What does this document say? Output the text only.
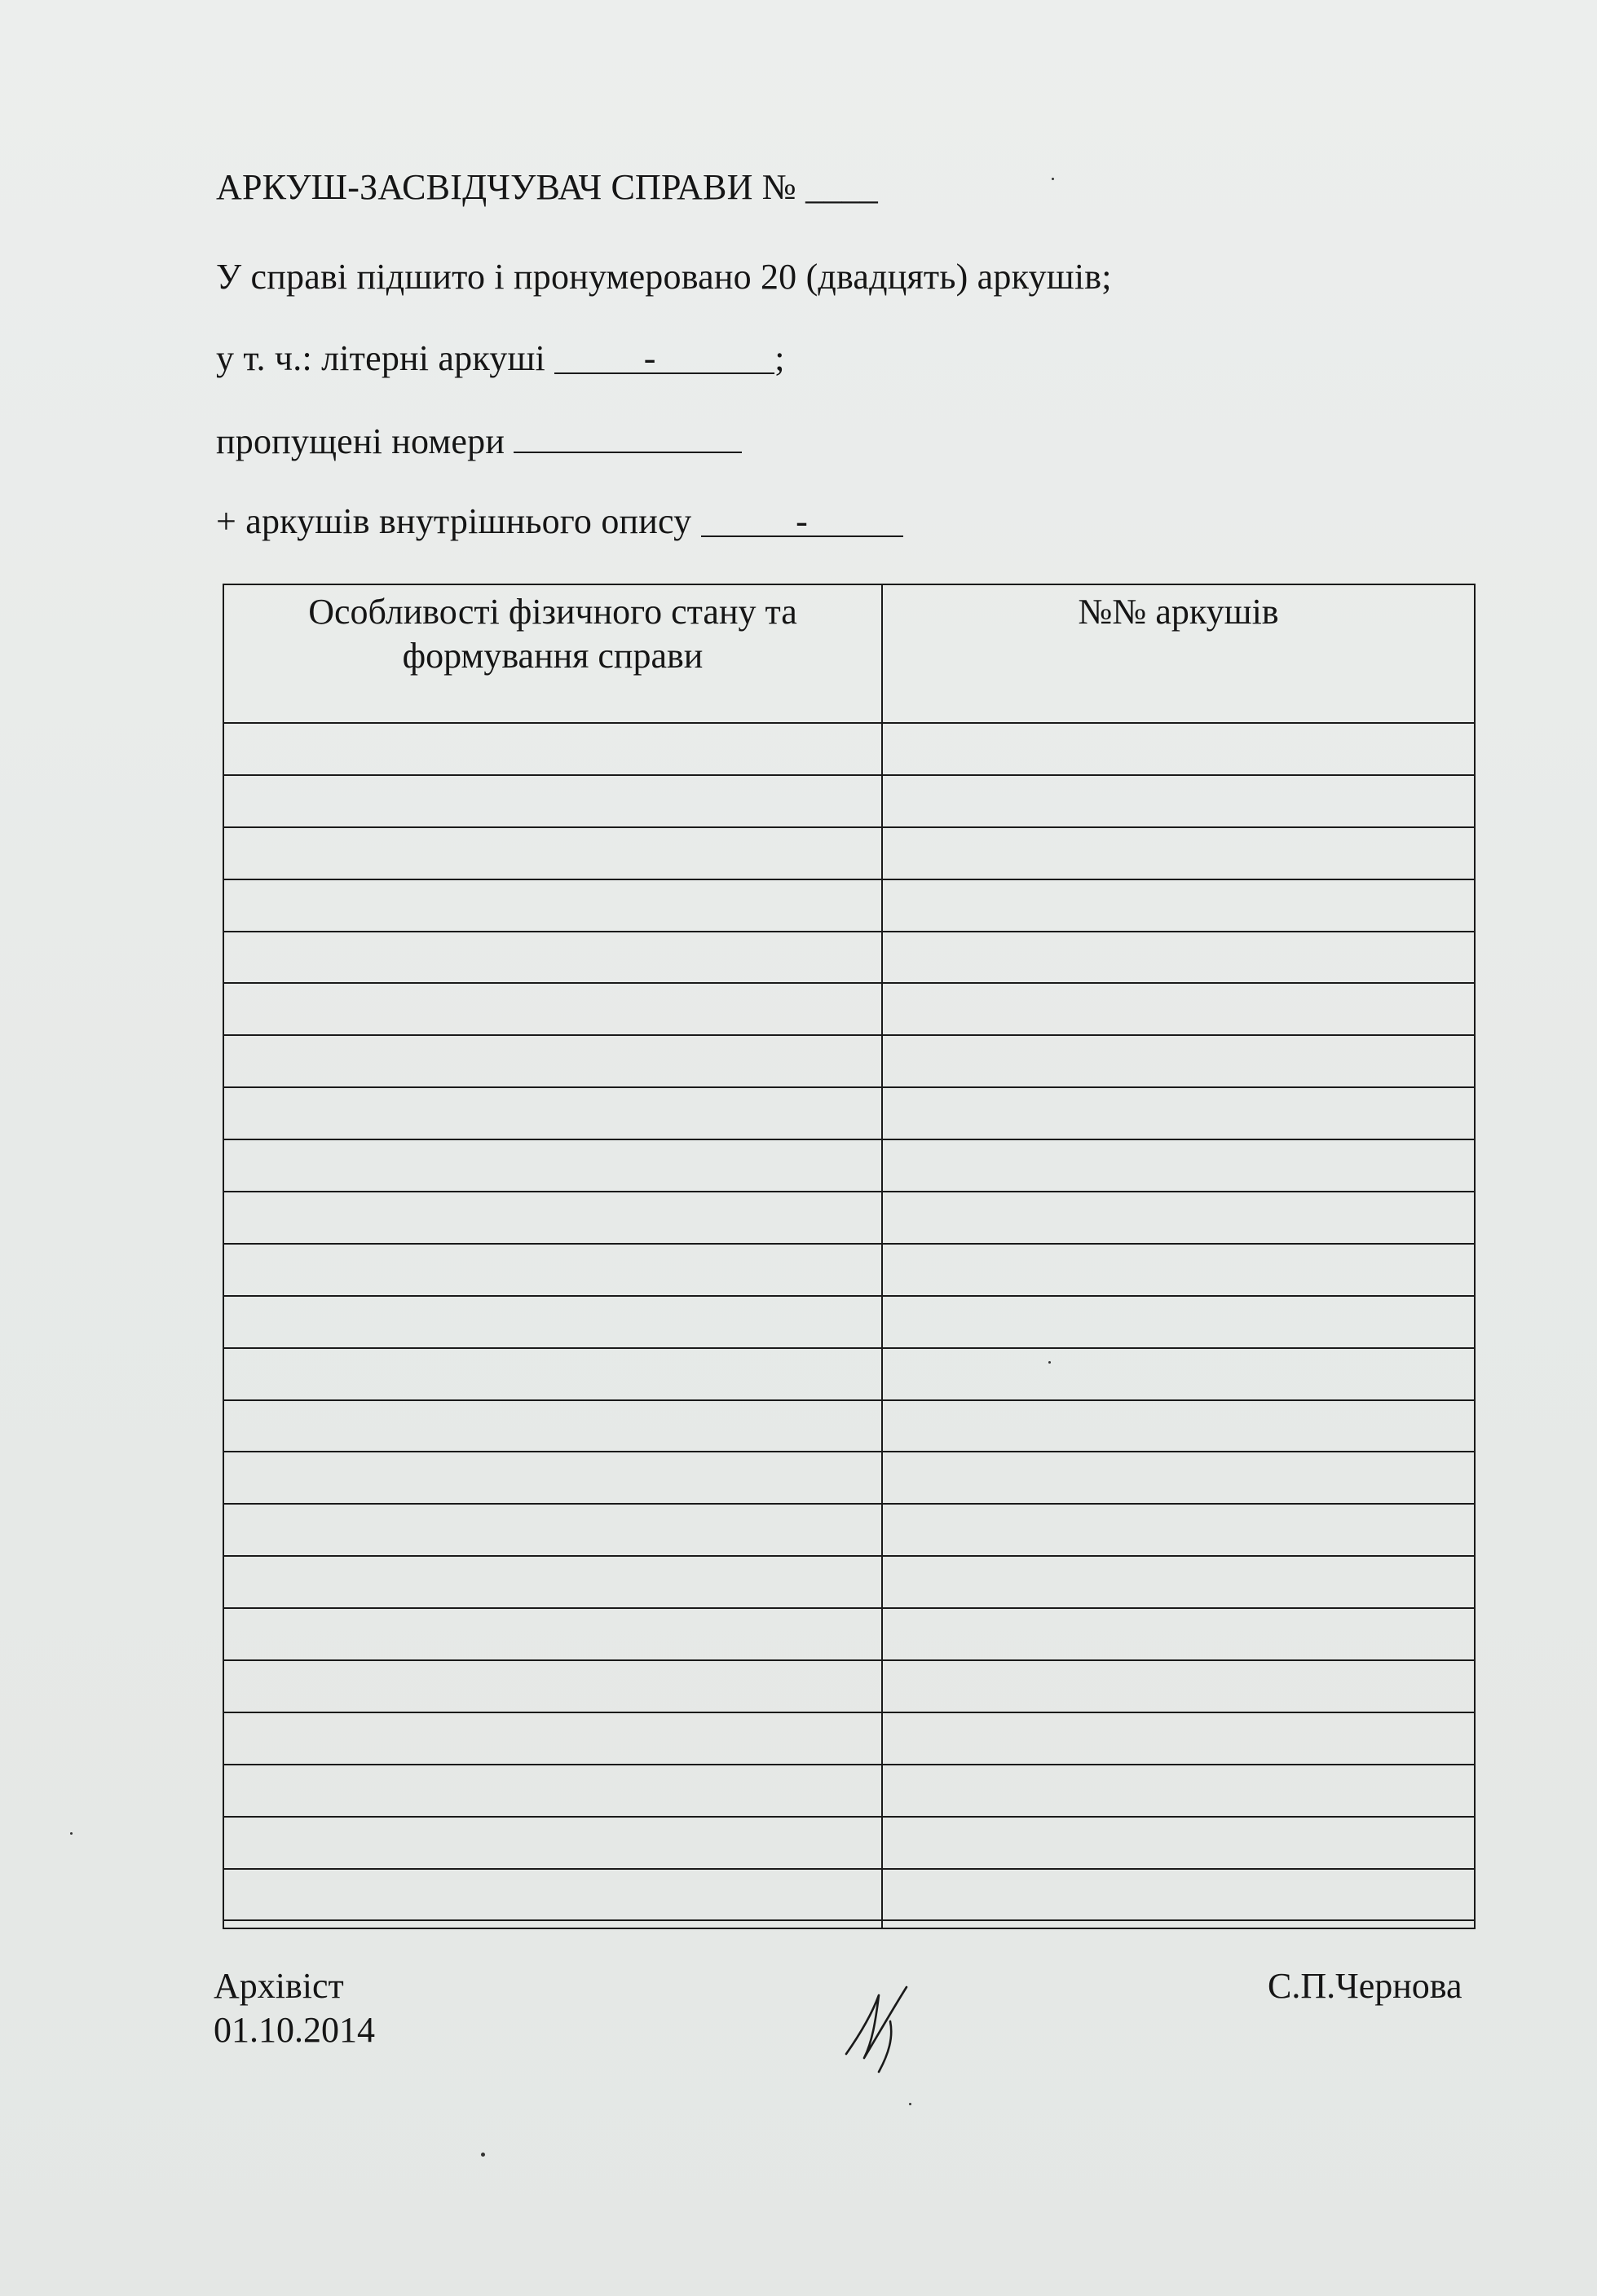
АРКУШ-ЗАСВІДЧУВАЧ СПРАВИ № ____
У справі підшито і пронумеровано 20 (двадцять) аркушів;
у т. ч.: літерні аркуші -	;
пропущені номери
+ аркушів внутрішнього опису	-
Особливості фізичного стану та
формування справи
№№ аркушів
Архівіст
01.10.2014
С.П.Чернова
